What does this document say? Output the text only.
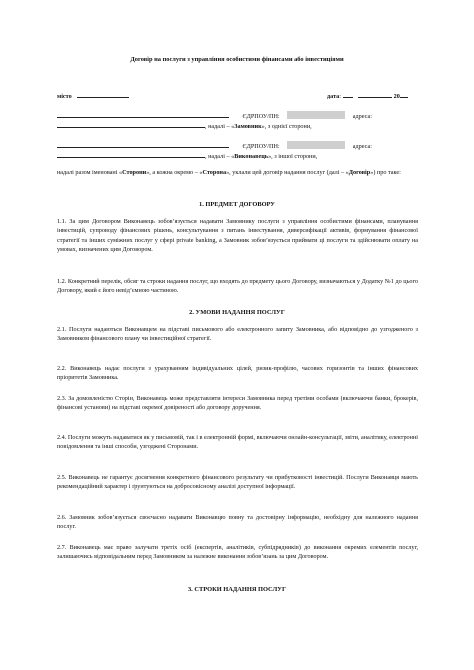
Договір на послуги з управління особистими фінансами або інвестиціями
місто	дата:	20
ЄДРПОУ/ПН:	адреса:
, надалі – «Замовник», з однієї сторони,
ЄДРПОУ/ПН:	адреса:
, надалі – «Виконавець», з іншої сторони,
надалі разом іменовані «Сторони», а кожна окремо – «Сторона», уклали цей договір надання послуг (далі – «Договір») про таке:
1. ПРЕДМЕТ ДОГОВОРУ
1.1. За цим Договором Виконавець зобов’язується надавати Замовнику послуги з управління особистими фінансами, планування інвестицій, супроводу фінансових рішень, консультування з питань інвестування, диверсифікації активів, формування фінансової стратегії та інших суміжних послуг у сфері private banking, а Замовник зобов’язується приймати ці послуги та здійснювати оплату на умовах, визначених цим Договором.
1.2. Конкретний перелік, обсяг та строки надання послуг, що входять до предмету цього Договору, визначаються у Додатку №1 до цього Договору, який є його невід’ємною частиною.
2. УМОВИ НАДАННЯ ПОСЛУГ
2.1. Послуги надаються Виконавцем на підставі письмового або електронного запиту Замовника, або відповідно до узгодженого з Замовником фінансового плану чи інвестиційної стратегії.
2.2. Виконавець надає послуги з урахуванням індивідуальних цілей, ризик-профілю, часових горизонтів та інших фінансових пріоритетів Замовника.
2.3. За домовленістю Сторін, Виконавець може представляти інтереси Замовника перед третіми особами (включаючи банки, брокерів, фінансові установи) на підставі окремої довіреності або договору доручення.
2.4. Послуги можуть надаватися як у письмовій, так і в електронній формі, включаючи онлайн-консультації, звіти, аналітику, електронні повідомлення та інші способи, узгоджені Сторонами.
2.5. Виконавець не гарантує досягнення конкретного фінансового результату чи прибутковості інвестицій. Послуги Виконавця мають рекомендаційний характер і ґрунтуються на добросовісному аналізі доступної інформації.
2.6. Замовник зобов’язується своєчасно надавати Виконавцю повну та достовірну інформацію, необхідну для належного надання послуг.
2.7. Виконавець має право залучати третіх осіб (експертів, аналітиків, субпідрядників) до виконання окремих елементів послуг, залишаючись відповідальним перед Замовником за належне виконання зобов’язань за цим Договором.
3. СТРОКИ НАДАННЯ ПОСЛУГ
